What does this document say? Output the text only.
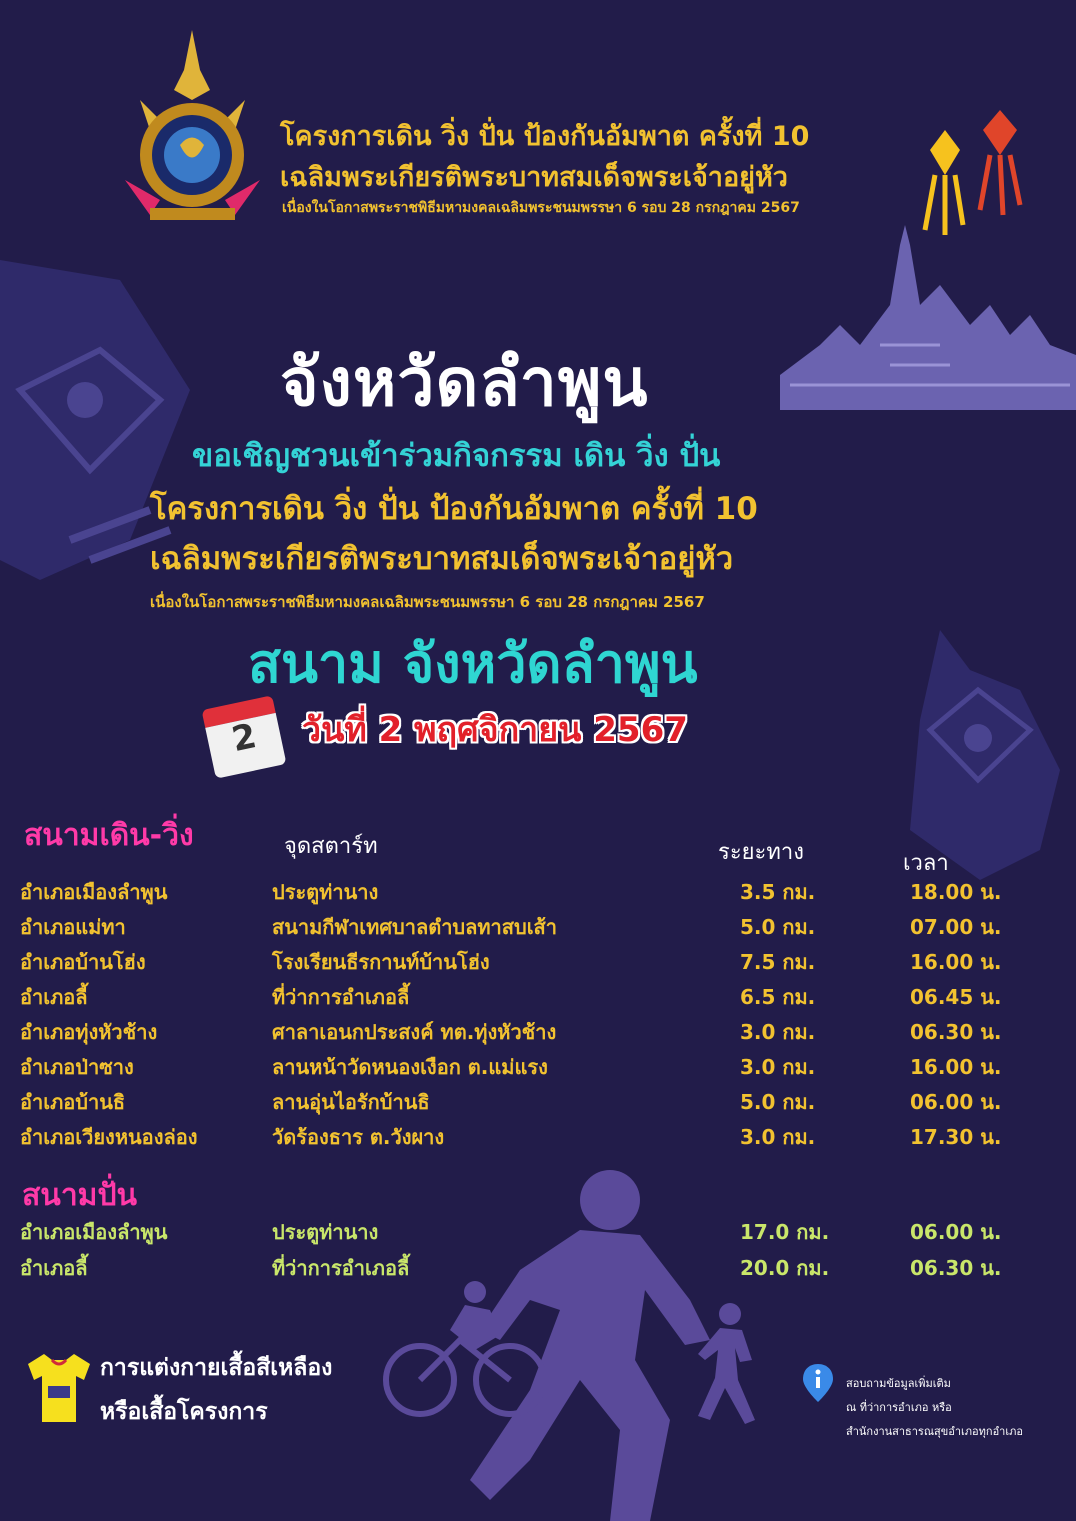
โครงการเดิน วิ่ง ปั่น ป้องกันอัมพาต ครั้งที่ 10
เฉลิมพระเกียรติพระบาทสมเด็จพระเจ้าอยู่หัว
เนื่องในโอกาสพระราชพิธีมหามงคลเฉลิมพระชนมพรรษา 6 รอบ 28 กรกฎาคม 2567
จังหวัดลำพูน
ขอเชิญชวนเข้าร่วมกิจกรรม เดิน วิ่ง ปั่น
โครงการเดิน วิ่ง ปั่น ป้องกันอัมพาต ครั้งที่ 10
เฉลิมพระเกียรติพระบาทสมเด็จพระเจ้าอยู่หัว
เนื่องในโอกาสพระราชพิธีมหามงคลเฉลิมพระชนมพรรษา 6 รอบ 28 กรกฎาคม 2567
สนาม จังหวัดลำพูน
2	วันที่ 2 พฤศจิกายน 2567
สนามเดิน-วิ่ง	จุดสตาร์ท	ระยะทาง	เวลา
อำเภอเมืองลำพูน	ประตูท่านาง	3.5 กม.	18.00 น.
อำเภอแม่ทา	สนามกีฬาเทศบาลตำบลทาสบเส้า	5.0 กม.	07.00 น.
อำเภอบ้านโฮ่ง	โรงเรียนธีรกานท์บ้านโฮ่ง	7.5 กม.	16.00 น.
อำเภอลี้	ที่ว่าการอำเภอลี้	6.5 กม.	06.45 น.
อำเภอทุ่งหัวช้าง	ศาลาเอนกประสงค์ ทต.ทุ่งหัวช้าง	3.0 กม.	06.30 น.
อำเภอป่าซาง	ลานหน้าวัดหนองเงือก ต.แม่แรง	3.0 กม.	16.00 น.
อำเภอบ้านธิ	ลานอุ่นไอรักบ้านธิ	5.0 กม.	06.00 น.
อำเภอเวียงหนองล่อง	วัดร้องธาร ต.วังผาง	3.0 กม.	17.30 น.
สนามปั่น
อำเภอเมืองลำพูน	ประตูท่านาง	17.0 กม.	06.00 น.
อำเภอลี้	ที่ว่าการอำเภอลี้	20.0 กม.	06.30 น.
การแต่งกายเสื้อสีเหลือง
หรือเสื้อโครงการ
สอบถามข้อมูลเพิ่มเติม
ณ ที่ว่าการอำเภอ หรือ
สำนักงานสาธารณสุขอำเภอทุกอำเภอ
